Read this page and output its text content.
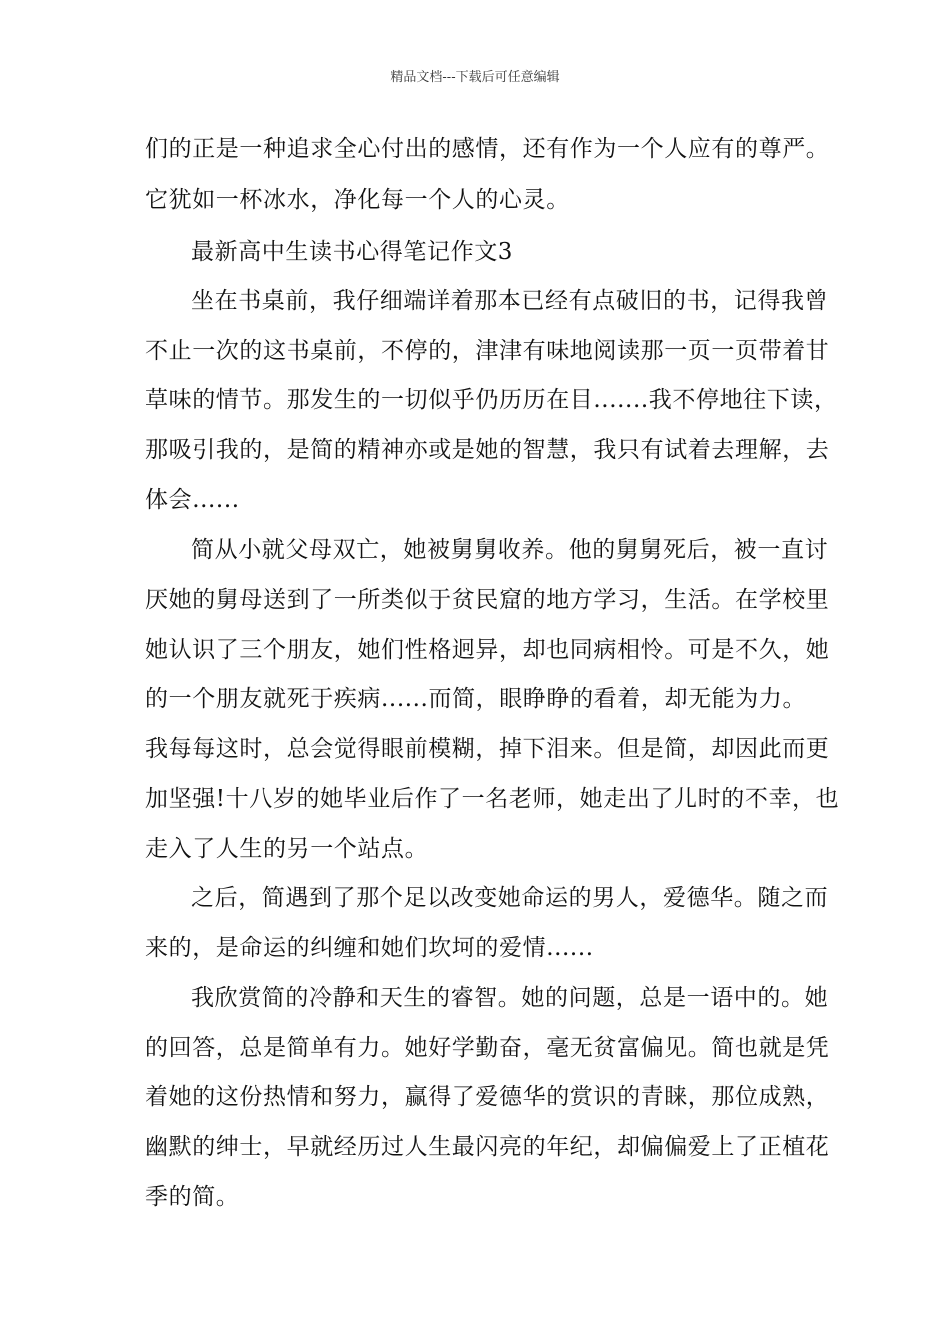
精品文档---下载后可任意编辑
们的正是一种追求全心付出的感情，还有作为一个人应有的尊严。
它犹如一杯冰水，净化每一个人的心灵。
最新高中生读书心得笔记作文3
坐在书桌前，我仔细端详着那本已经有点破旧的书，记得我曾
不止一次的这书桌前，不停的，津津有味地阅读那一页一页带着甘
草味的情节。那发生的一切似乎仍历历在目.......我不停地往下读，
那吸引我的，是简的精神亦或是她的智慧，我只有试着去理解，去
体会......
简从小就父母双亡，她被舅舅收养。他的舅舅死后，被一直讨
厌她的舅母送到了一所类似于贫民窟的地方学习，生活。在学校里
她认识了三个朋友，她们性格迥异，却也同病相怜。可是不久，她
的一个朋友就死于疾病......而简，眼睁睁的看着，却无能为力。
我每每这时，总会觉得眼前模糊，掉下泪来。但是简，却因此而更
加坚强!十八岁的她毕业后作了一名老师，她走出了儿时的不幸，也
走入了人生的另一个站点。
之后，简遇到了那个足以改变她命运的男人，爱德华。随之而
来的，是命运的纠缠和她们坎坷的爱情......
我欣赏简的冷静和天生的睿智。她的问题，总是一语中的。她
的回答，总是简单有力。她好学勤奋，毫无贫富偏见。简也就是凭
着她的这份热情和努力，赢得了爱德华的赏识的青睐，那位成熟，
幽默的绅士，早就经历过人生最闪亮的年纪，却偏偏爱上了正植花
季的简。
